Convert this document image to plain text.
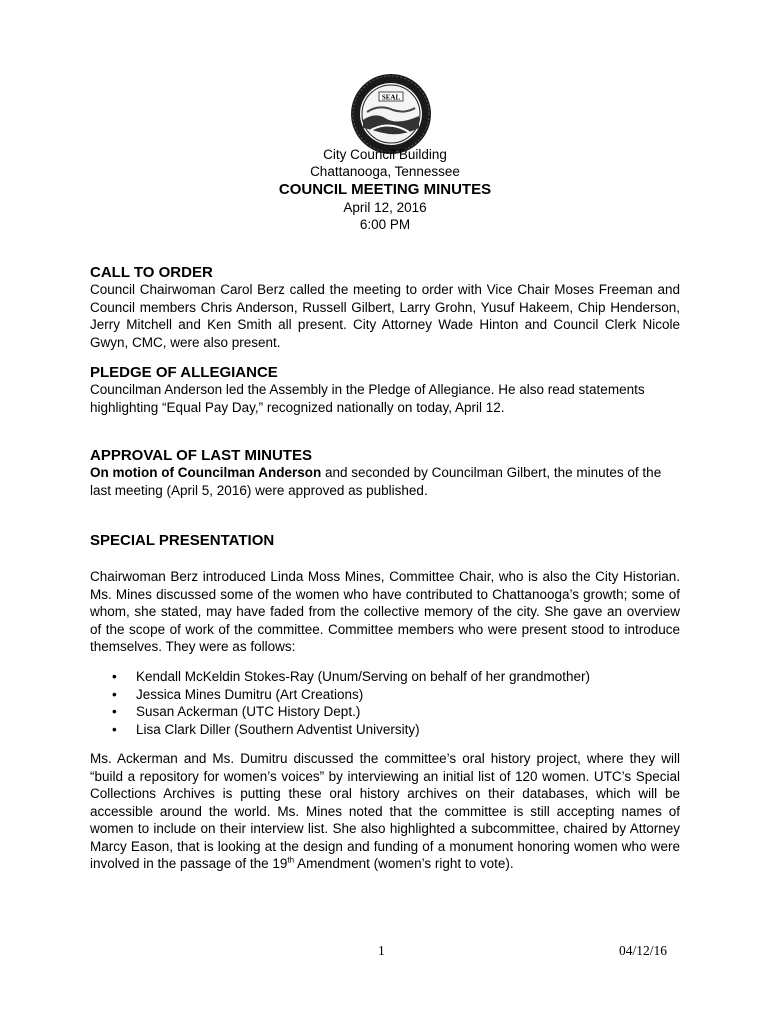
SEAL
City Council Building
Chattanooga, Tennessee
COUNCIL MEETING MINUTES
April 12, 2016
6:00 PM
CALL TO ORDER
Council Chairwoman Carol Berz called the meeting to order with Vice Chair Moses Freeman and Council members Chris Anderson, Russell Gilbert, Larry Grohn, Yusuf Hakeem, Chip Henderson, Jerry Mitchell and Ken Smith all present. City Attorney Wade Hinton and Council Clerk Nicole Gwyn, CMC, were also present.
PLEDGE OF ALLEGIANCE
Councilman Anderson led the Assembly in the Pledge of Allegiance. He also read statements highlighting “Equal Pay Day,” recognized nationally on today, April 12.
APPROVAL OF LAST MINUTES
On motion of Councilman Anderson and seconded by Councilman Gilbert, the minutes of the last meeting (April 5, 2016) were approved as published.
SPECIAL PRESENTATION
Chairwoman Berz introduced Linda Moss Mines, Committee Chair, who is also the City Historian. Ms. Mines discussed some of the women who have contributed to Chattanooga’s growth; some of whom, she stated, may have faded from the collective memory of the city. She gave an overview of the scope of work of the committee. Committee members who were present stood to introduce themselves. They were as follows:
• Kendall McKeldin Stokes-Ray (Unum/Serving on behalf of her grandmother)
• Jessica Mines Dumitru (Art Creations)
• Susan Ackerman (UTC History Dept.)
• Lisa Clark Diller (Southern Adventist University)
Ms. Ackerman and Ms. Dumitru discussed the committee’s oral history project, where they will “build a repository for women’s voices” by interviewing an initial list of 120 women. UTC’s Special Collections Archives is putting these oral history archives on their databases, which will be accessible around the world. Ms. Mines noted that the committee is still accepting names of women to include on their interview list. She also highlighted a subcommittee, chaired by Attorney Marcy Eason, that is looking at the design and funding of a monument honoring women who were involved in the passage of the 19th Amendment (women’s right to vote).
1	04/12/16
